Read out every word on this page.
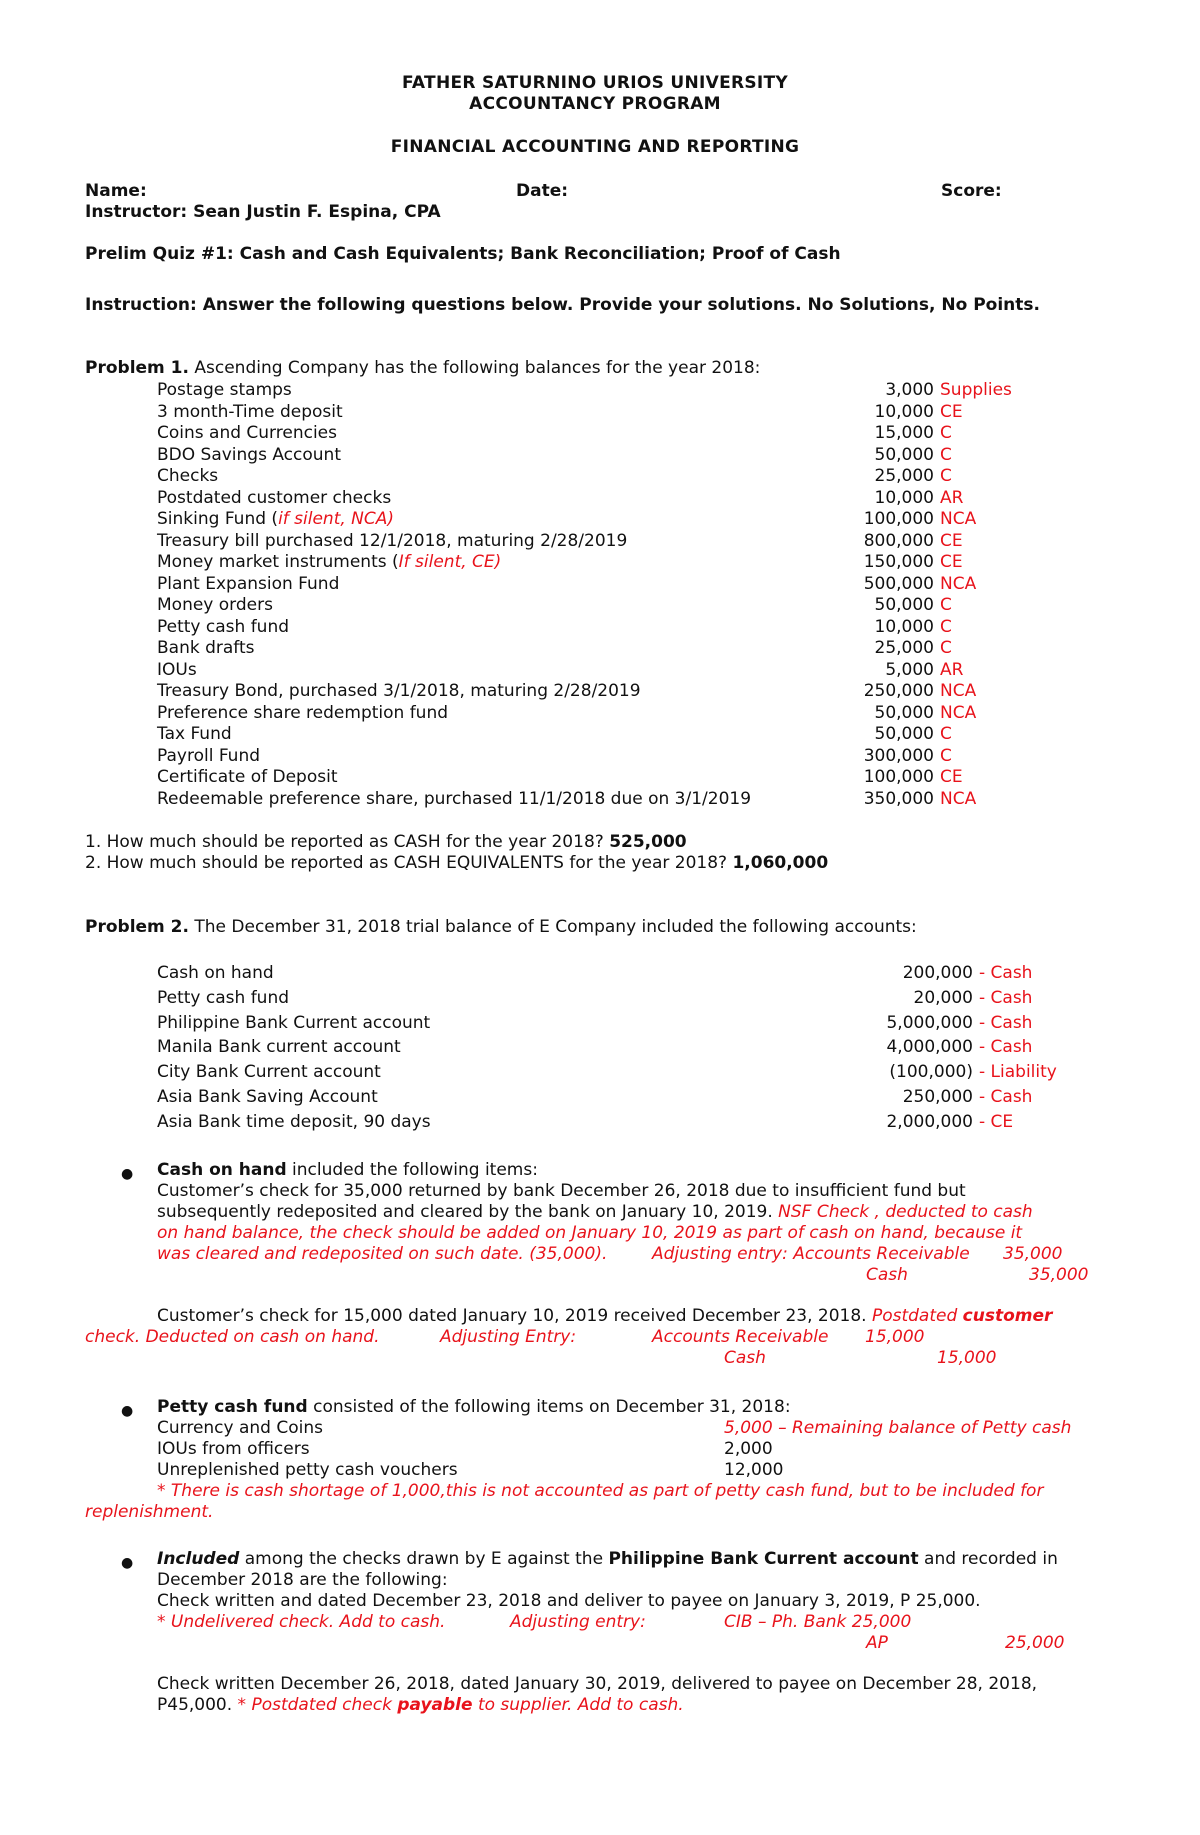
FATHER SATURNINO URIOS UNIVERSITY
ACCOUNTANCY PROGRAM
FINANCIAL ACCOUNTING AND REPORTING
Name:	Date:	Score:
Instructor: Sean Justin F. Espina, CPA
Prelim Quiz #1: Cash and Cash Equivalents; Bank Reconciliation; Proof of Cash
Instruction: Answer the following questions below. Provide your solutions. No Solutions, No Points.
Problem 1. Ascending Company has the following balances for the year 2018:
Postage stamps	3,000 Supplies
3 month-Time deposit	10,000 CE
Coins and Currencies	15,000 C
BDO Savings Account	50,000 C
Checks	25,000 C
Postdated customer checks	10,000 AR
Sinking Fund (if silent, NCA)	100,000 NCA
Treasury bill purchased 12/1/2018, maturing 2/28/2019	800,000 CE
Money market instruments (If silent, CE)	150,000 CE
Plant Expansion Fund	500,000 NCA
Money orders	50,000 C
Petty cash fund	10,000 C
Bank drafts	25,000 C
IOUs	5,000 AR
Treasury Bond, purchased 3/1/2018, maturing 2/28/2019	250,000 NCA
Preference share redemption fund	50,000 NCA
Tax Fund	50,000 C
Payroll Fund	300,000 C
Certificate of Deposit	100,000 CE
Redeemable preference share, purchased 11/1/2018 due on 3/1/2019	350,000 NCA
1. How much should be reported as CASH for the year 2018? 525,000
2. How much should be reported as CASH EQUIVALENTS for the year 2018? 1,060,000
Problem 2. The December 31, 2018 trial balance of E Company included the following accounts:
Cash on hand	200,000 - Cash
Petty cash fund	20,000 - Cash
Philippine Bank Current account	5,000,000 - Cash
Manila Bank current account	4,000,000 - Cash
City Bank Current account	(100,000) - Liability
Asia Bank Saving Account	250,000 - Cash
Asia Bank time deposit, 90 days	2,000,000 - CE
● Cash on hand included the following items:
Customer’s check for 35,000 returned by bank December 26, 2018 due to insufficient fund but
subsequently redeposited and cleared by the bank on January 10, 2019. NSF Check , deducted to cash
on hand balance, the check should be added on January 10, 2019 as part of cash on hand, because it
was cleared and redeposited on such date. (35,000).	Adjusting entry: Accounts Receivable 35,000
Cash	35,000
Customer’s check for 15,000 dated January 10, 2019 received December 23, 2018. Postdated customer
check. Deducted on cash on hand.	Adjusting Entry:	Accounts Receivable 15,000
Cash	15,000
● Petty cash fund consisted of the following items on December 31, 2018:
Currency and Coins	5,000 – Remaining balance of Petty cash
IOUs from officers	2,000
Unreplenished petty cash vouchers	12,000
* There is cash shortage of 1,000,this is not accounted as part of petty cash fund, but to be included for
replenishment.
● Included among the checks drawn by E against the Philippine Bank Current account and recorded in
December 2018 are the following:
Check written and dated December 23, 2018 and deliver to payee on January 3, 2019, P 25,000.
* Undelivered check. Add to cash.	Adjusting entry:	CIB – Ph. Bank 25,000
AP	25,000
Check written December 26, 2018, dated January 30, 2019, delivered to payee on December 28, 2018,
P45,000. * Postdated check payable to supplier. Add to cash.
